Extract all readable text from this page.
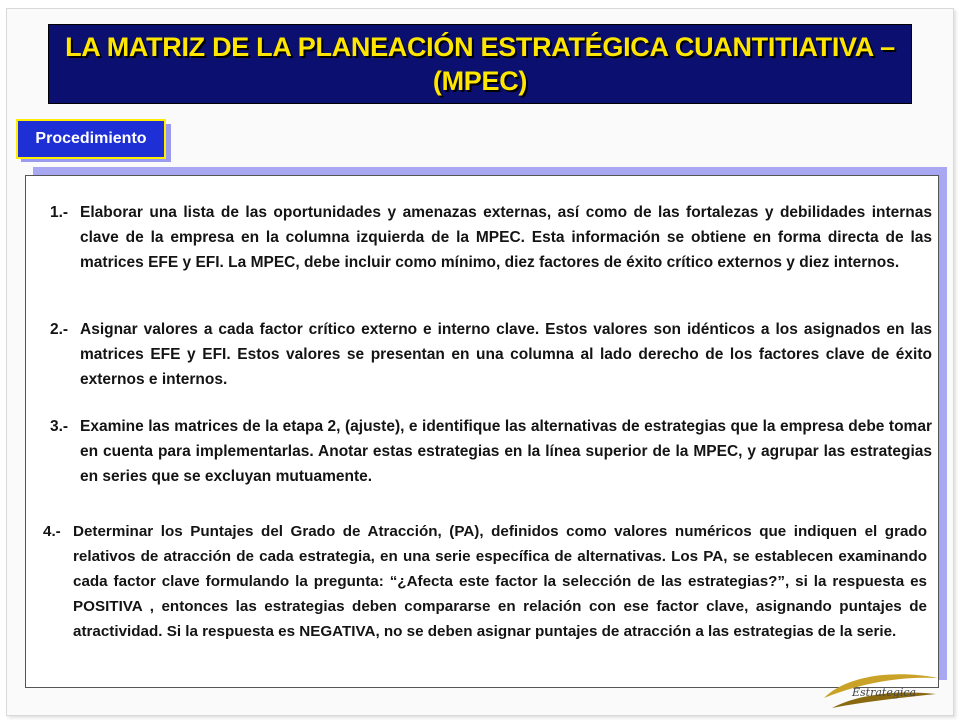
LA MATRIZ DE LA PLANEACIÓN ESTRATÉGICA CUANTITIATIVA – (MPEC)
Procedimiento

1.- Elaborar una lista de las oportunidades y amenazas externas, así como de las fortalezas y debilidades internas clave de la empresa en la columna izquierda de la MPEC. Esta información se obtiene en forma directa de las matrices EFE y EFI. La MPEC, debe incluir como mínimo, diez factores de éxito crítico externos y diez internos.

2.- Asignar valores a cada factor crítico externo e interno clave. Estos valores son idénticos a los asignados en las matrices EFE y EFI. Estos valores se presentan en una columna al lado derecho de los factores clave de éxito externos e internos.

3.- Examine las matrices de la etapa 2, (ajuste), e identifique las alternativas de estrategias que la empresa debe tomar en cuenta para implementarlas. Anotar estas estrategias en la línea superior de la MPEC, y agrupar las estrategias en series que se excluyan mutuamente.

4.- Determinar los Puntajes del Grado de Atracción, (PA), definidos como valores numéricos que indiquen el grado relativos de atracción de cada estrategia, en una serie específica de alternativas. Los PA, se establecen examinando cada factor clave formulando la pregunta: “¿Afecta este factor la selección de las estrategias?”, si la respuesta es POSITIVA , entonces las estrategias deben compararse en relación con ese factor clave, asignando puntajes de atractividad. Si la respuesta es NEGATIVA, no se deben asignar puntajes de atracción a las estrategias de la serie.

Estrategica
